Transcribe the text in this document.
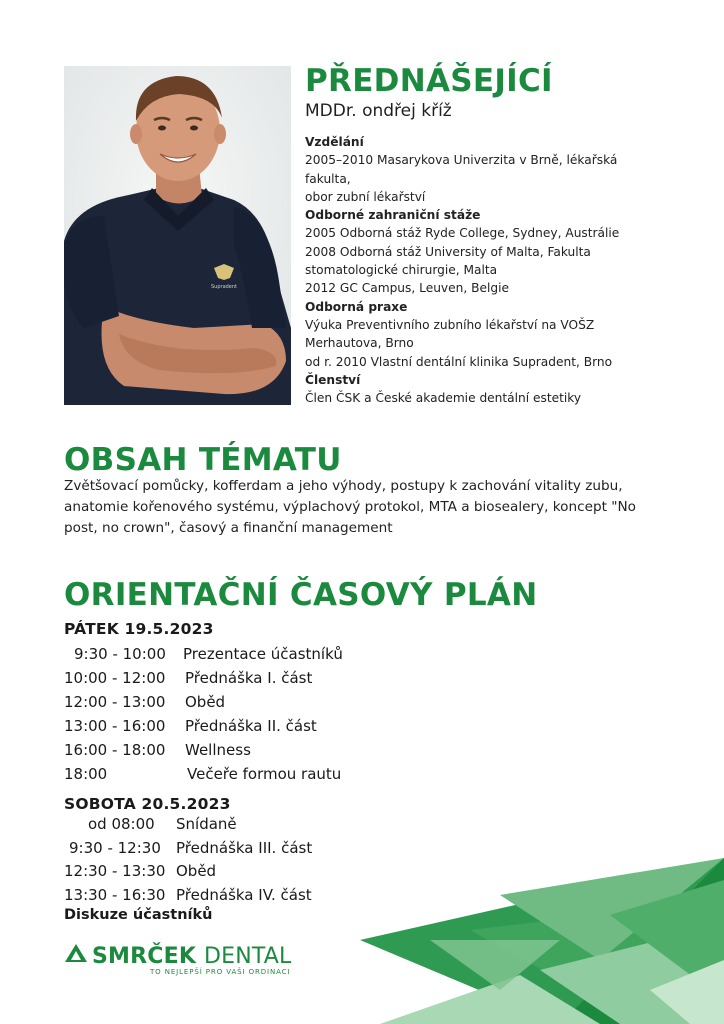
Supradent
PŘEDNÁŠEJÍCÍ
MDDr. ondřej kříž
Vzdělání
2005–2010 Masarykova Univerzita v Brně, lékařská
fakulta,
obor zubní lékařství
Odborné zahraniční stáže
2005 Odborná stáž Ryde College, Sydney, Austrálie
2008 Odborná stáž University of Malta, Fakulta
stomatologické chirurgie, Malta
2012 GC Campus, Leuven, Belgie
Odborná praxe
Výuka Preventivního zubního lékařství na VOŠZ
Merhautova, Brno
od r. 2010 Vlastní dentální klinika Supradent, Brno
Členství
Člen ČSK a České akademie dentální estetiky
OBSAH TÉMATU
Zvětšovací pomůcky, kofferdam a jeho výhody, postupy k zachování vitality zubu,
anatomie kořenového systému, výplachový protokol, MTA a biosealery, koncept "No
post, no crown", časový a finanční management
ORIENTAČNÍ ČASOVÝ PLÁN
PÁTEK 19.5.2023
9:30 - 10:00 Prezentace účastníků
10:00 - 12:00 Přednáška I. část
12:00 - 13:00 Oběd
13:00 - 16:00 Přednáška II. část
16:00 - 18:00 Wellness
18:00	Večeře formou rautu
SOBOTA 20.5.2023
od 08:00 Snídaně
9:30 - 12:30 Přednáška III. část
12:30 - 13:30 Oběd
13:30 - 16:30 Přednáška IV. část
Diskuze účastníků
SMRČEK DENTAL
TO NEJLEPŠÍ PRO VAŠI ORDINACI
